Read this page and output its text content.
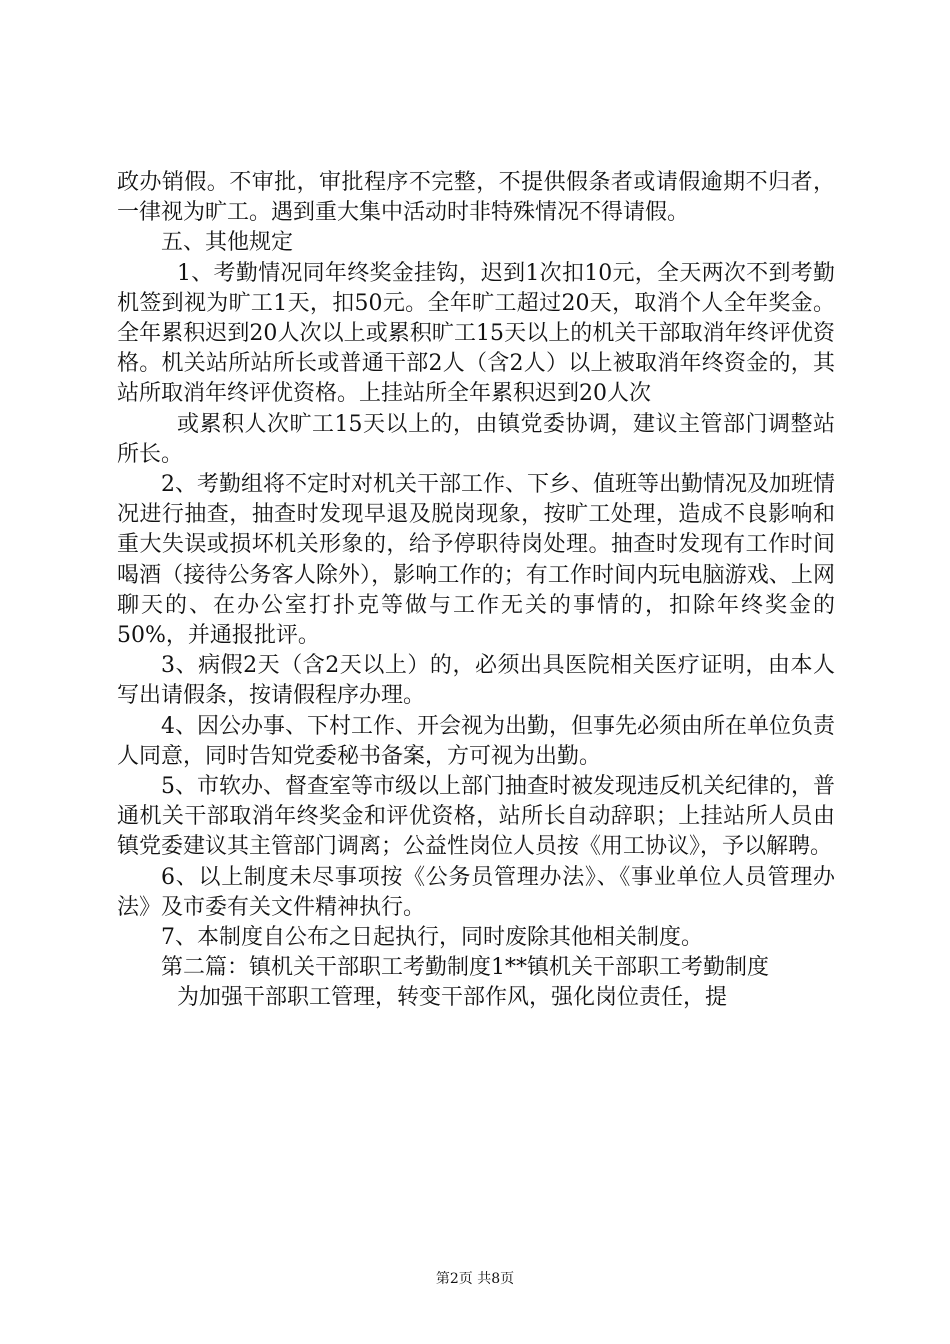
政办销假。不审批，审批程序不完整，不提供假条者或请假逾期不归者，一律视为旷工。遇到重大集中活动时非特殊情况不得请假。

五、其他规定

1、考勤情况同年终奖金挂钩，迟到1次扣10元，全天两次不到考勤机签到视为旷工1天，扣50元。全年旷工超过20天，取消个人全年奖金。全年累积迟到20人次以上或累积旷工15天以上的机关干部取消年终评优资格。机关站所站所长或普通干部2人（含2人）以上被取消年终资金的，其站所取消年终评优资格。上挂站所全年累积迟到20人次

或累积人次旷工15天以上的，由镇党委协调，建议主管部门调整站所长。

2、考勤组将不定时对机关干部工作、下乡、值班等出勤情况及加班情况进行抽查，抽查时发现早退及脱岗现象，按旷工处理，造成不良影响和重大失误或损坏机关形象的，给予停职待岗处理。抽查时发现有工作时间喝酒（接待公务客人除外），影响工作的；有工作时间内玩电脑游戏、上网聊天的、在办公室打扑克等做与工作无关的事情的，扣除年终奖金的50%，并通报批评。

3、病假2天（含2天以上）的，必须出具医院相关医疗证明，由本人写出请假条，按请假程序办理。

4、因公办事、下村工作、开会视为出勤，但事先必须由所在单位负责人同意，同时告知党委秘书备案，方可视为出勤。

5、市软办、督查室等市级以上部门抽查时被发现违反机关纪律的，普通机关干部取消年终奖金和评优资格，站所长自动辞职；上挂站所人员由镇党委建议其主管部门调离；公益性岗位人员按《用工协议》，予以解聘。

6、以上制度未尽事项按《公务员管理办法》、《事业单位人员管理办法》及市委有关文件精神执行。

7、本制度自公布之日起执行，同时废除其他相关制度。

第二篇：镇机关干部职工考勤制度1**镇机关干部职工考勤制度

为加强干部职工管理，转变干部作风，强化岗位责任，提

第2页 共8页
